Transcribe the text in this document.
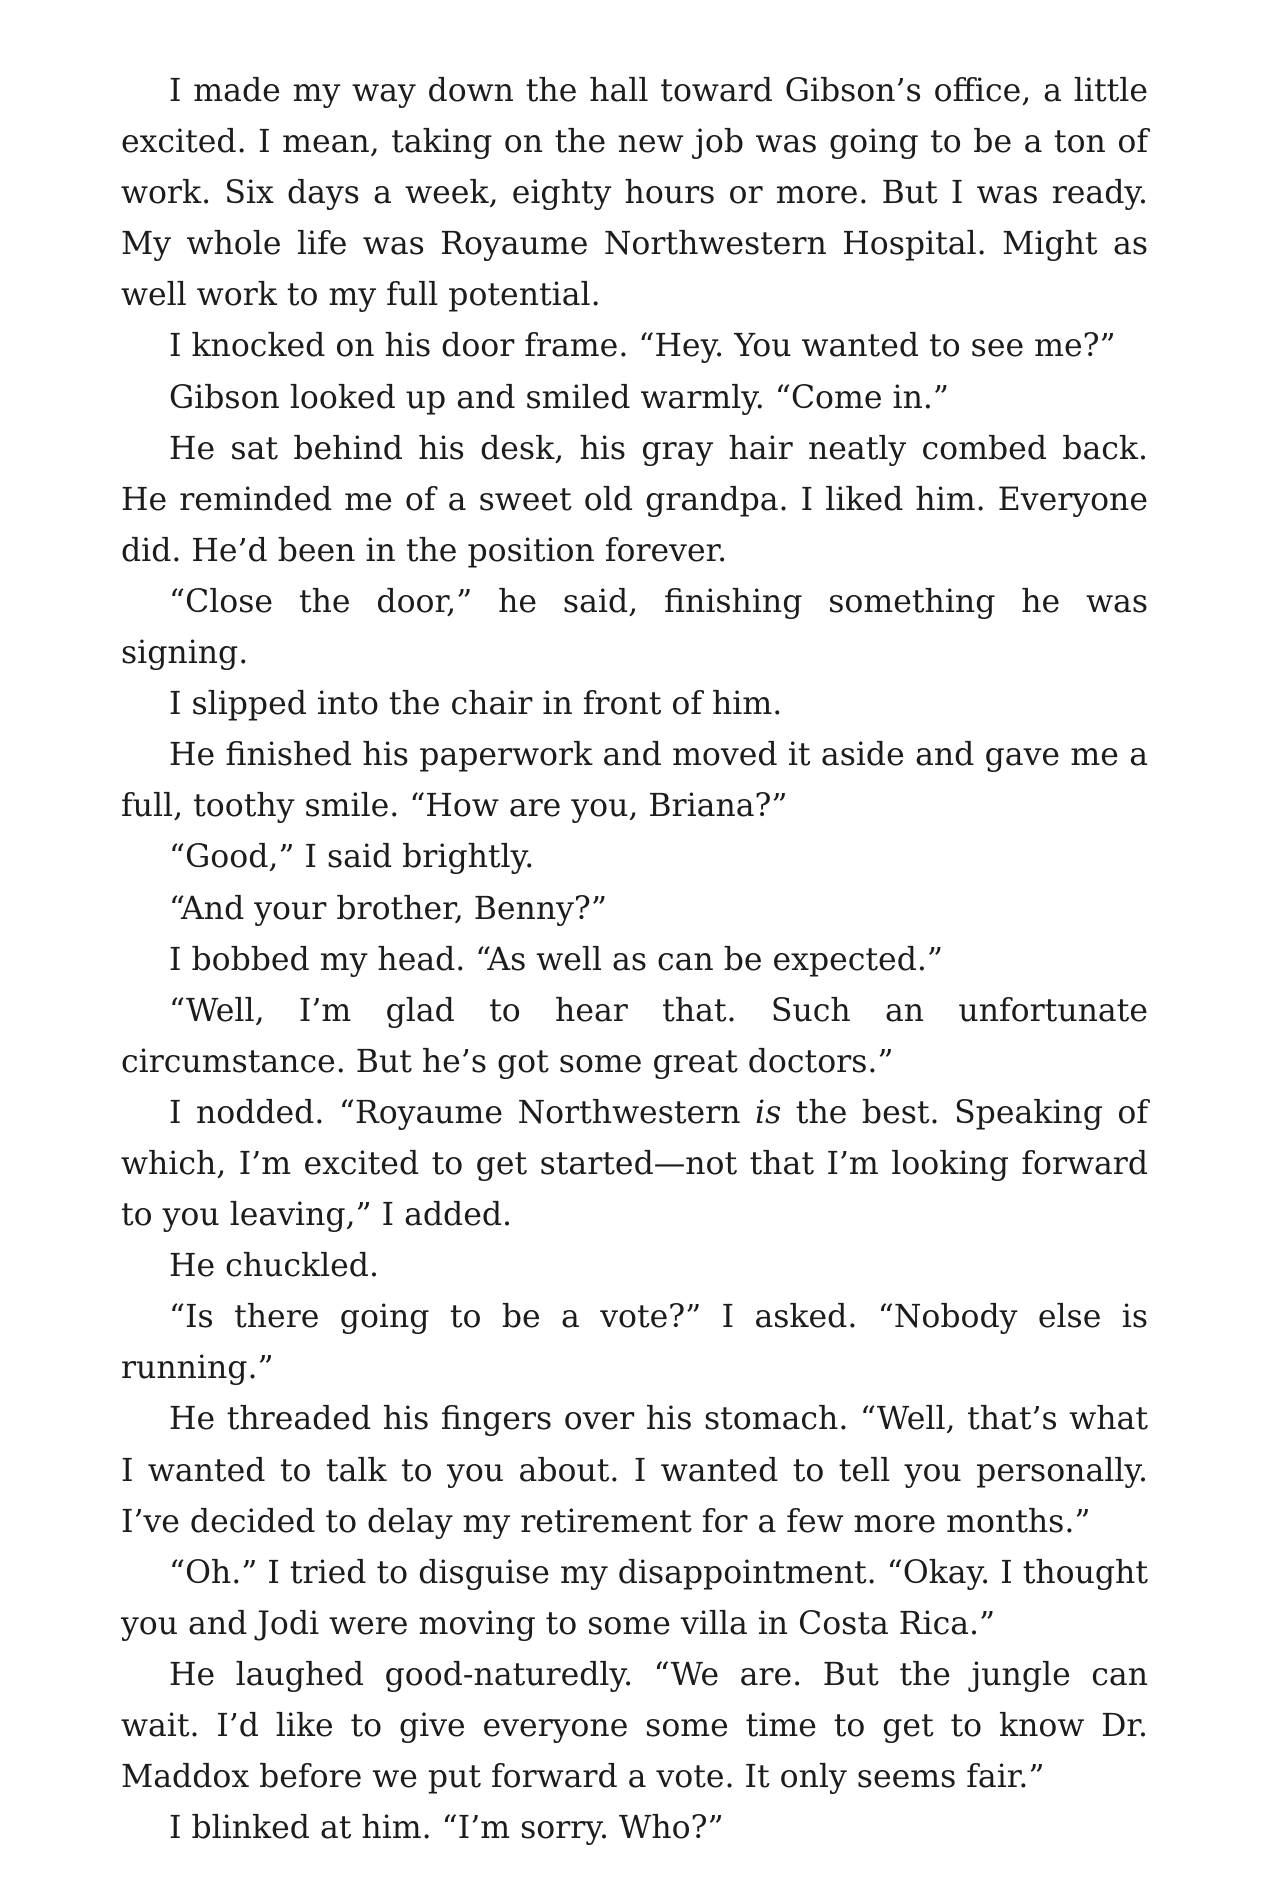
I made my way down the hall toward Gibson’s office, a little excited. I mean, taking on the new job was going to be a ton of work. Six days a week, eighty hours or more. But I was ready. My whole life was Royaume Northwestern Hospital. Might as well work to my full potential.

I knocked on his door frame. “Hey. You wanted to see me?”

Gibson looked up and smiled warmly. “Come in.”

He sat behind his desk, his gray hair neatly combed back. He reminded me of a sweet old grandpa. I liked him. Everyone did. He’d been in the position forever.

“Close the door,” he said, finishing something he was signing.

I slipped into the chair in front of him.

He finished his paperwork and moved it aside and gave me a full, toothy smile. “How are you, Briana?”

“Good,” I said brightly.

“And your brother, Benny?”

I bobbed my head. “As well as can be expected.”

“Well, I’m glad to hear that. Such an unfortunate circumstance. But he’s got some great doctors.”

I nodded. “Royaume Northwestern is the best. Speaking of which, I’m excited to get started—not that I’m looking forward to you leaving,” I added.

He chuckled.

“Is there going to be a vote?” I asked. “Nobody else is running.”

He threaded his fingers over his stomach. “Well, that’s what I wanted to talk to you about. I wanted to tell you personally. I’ve decided to delay my retirement for a few more months.”

“Oh.” I tried to disguise my disappointment. “Okay. I thought you and Jodi were moving to some villa in Costa Rica.”

He laughed good-naturedly. “We are. But the jungle can wait. I’d like to give everyone some time to get to know Dr. Maddox before we put forward a vote. It only seems fair.”

I blinked at him. “I’m sorry. Who?”
